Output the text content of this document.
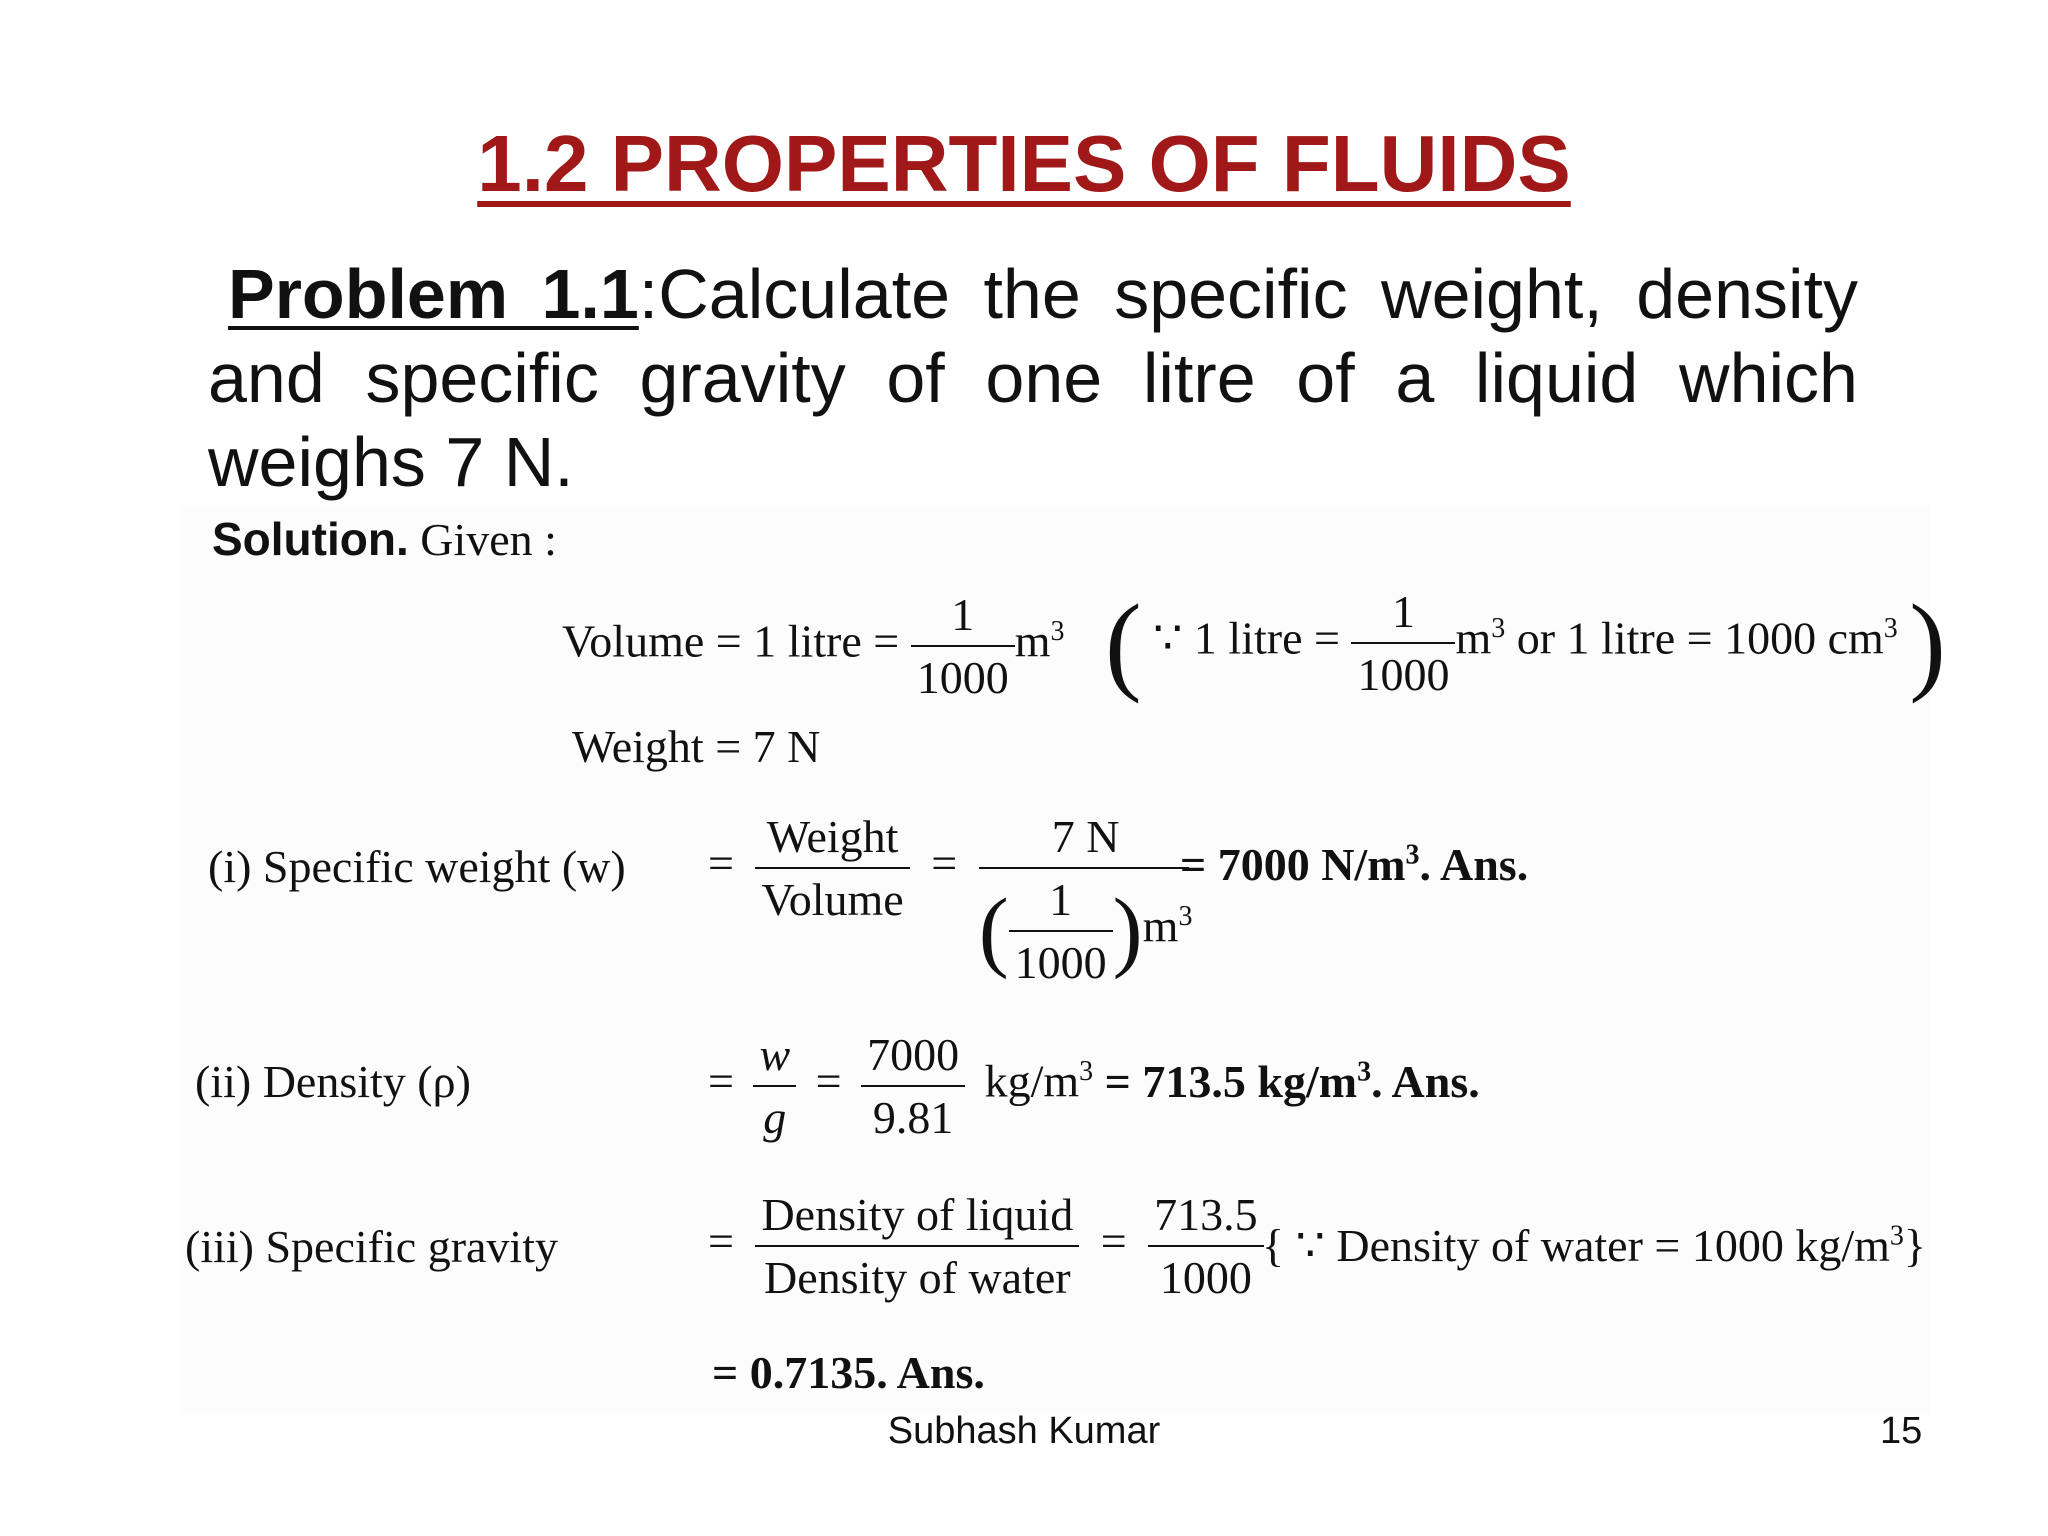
1.2 PROPERTIES OF FLUIDS
Problem 1.1:Calculate the specific weight, density and specific gravity of one litre of a liquid which weighs 7 N.
Solution. Given :
Volume = 1 litre = $\frac{1}{1000} m^3$ ( ∵ 1 litre = $\frac{1}{1000} m^3$ or 1 litre = 1000 $cm^3$ )
Weight = 7 N
(i) Specific weight $(w) = \frac{\text{Weight}}{\text{Volume}} = \frac{7 N}{( \frac{1}{1000} )m^3}$
= 7000 $N/m^3$. Ans.
(ii) Density (ρ)	= $\frac{w}{g} = \frac{7000}{9.81} kg/m^3 = 713.5$ $kg/m^3$. Ans.
(iii) Specific gravity	= $\frac{\text{Density of liquid}}{\text{Density of water}} = \frac{713.5}{1000}$
{ ∵ Density of water = 1000 $kg/m^3$}
= 0.7135. Ans.
Subhash Kumar	15
